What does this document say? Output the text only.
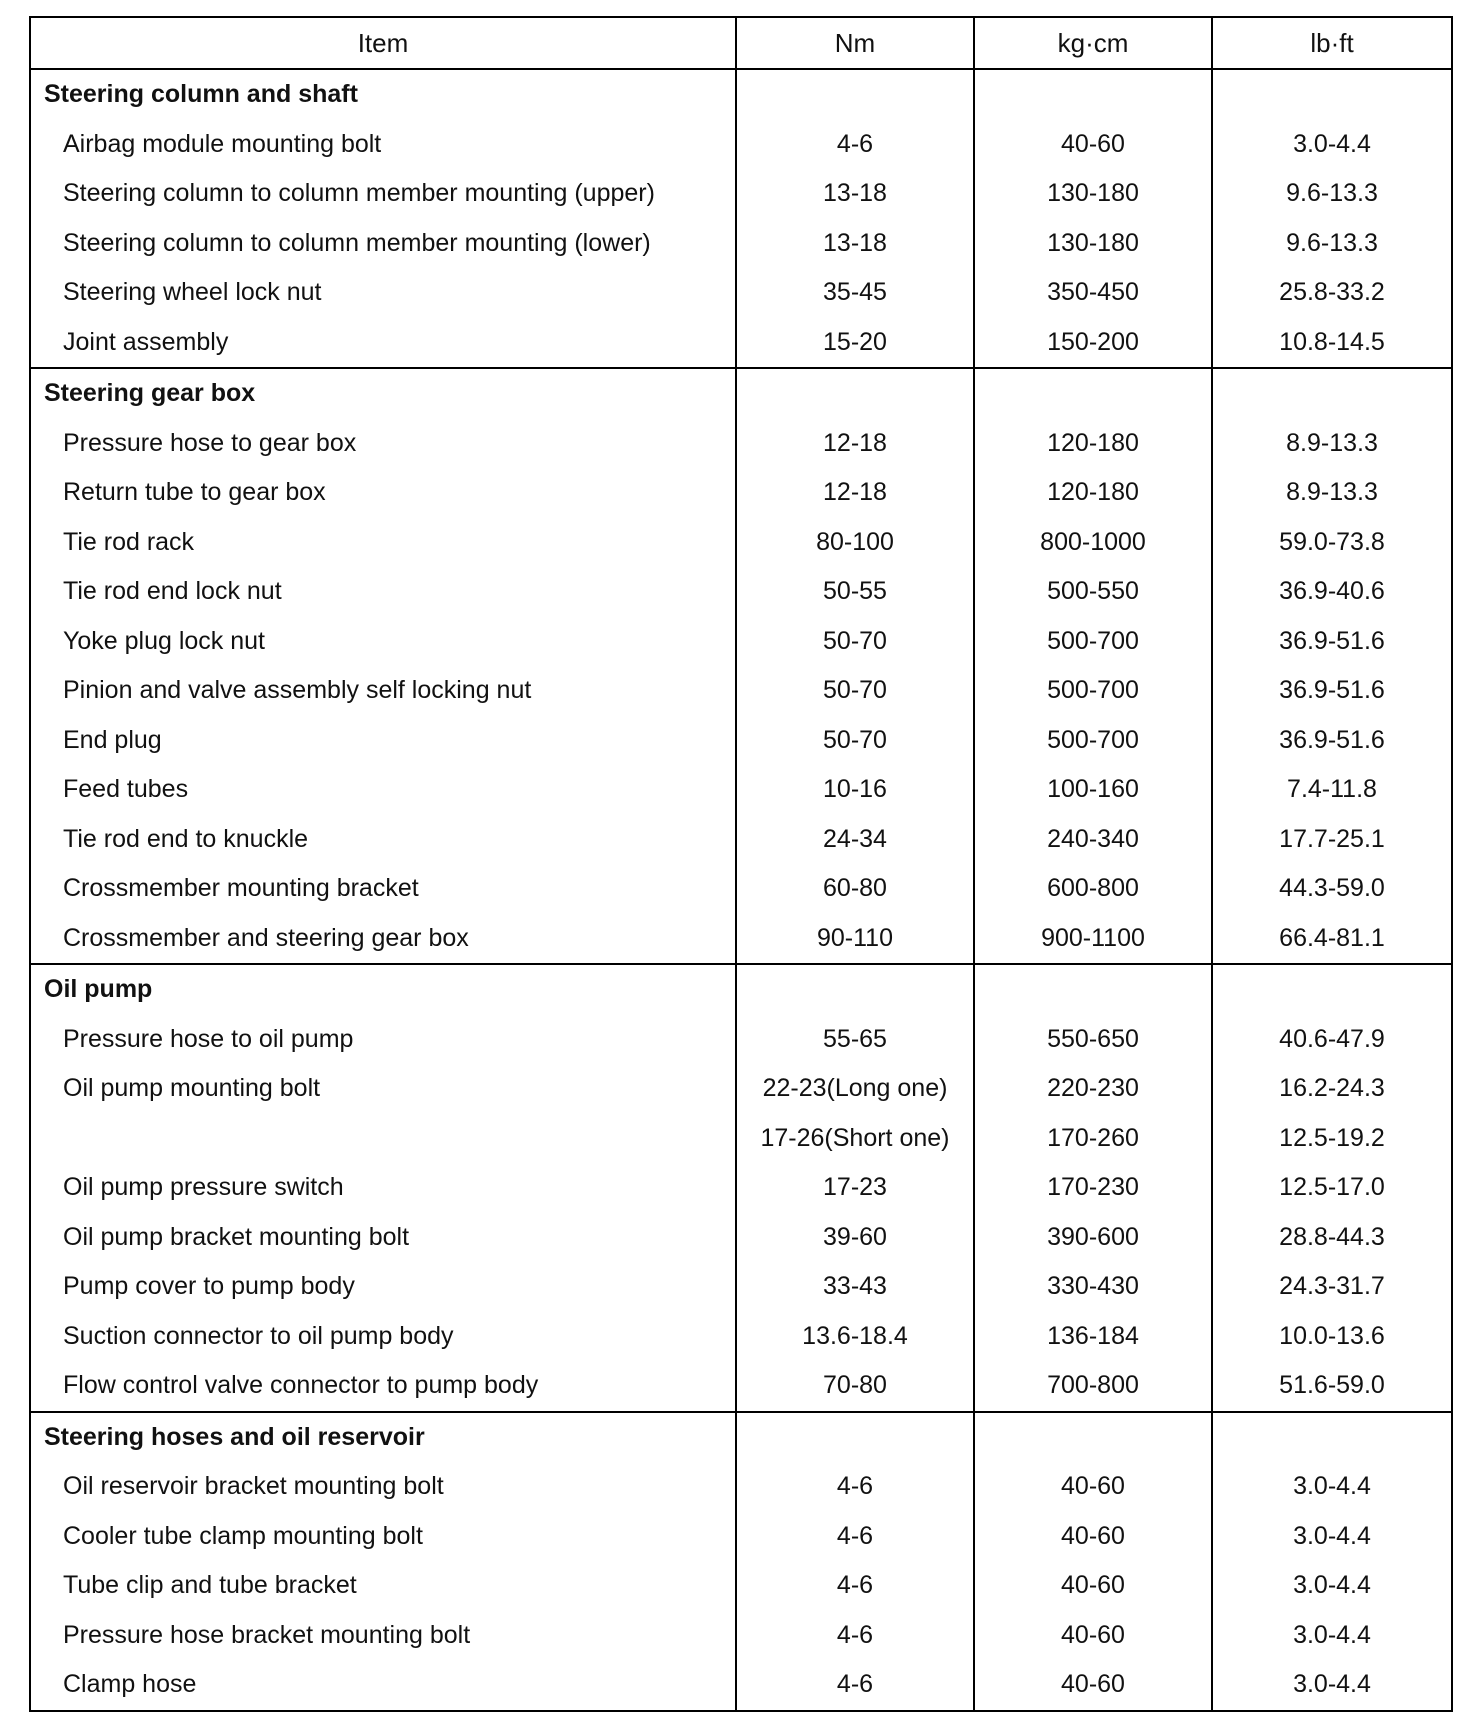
Item	Nm	kg·cm	lb·ft
Steering column and shaft			
Airbag module mounting bolt	4-6	40-60	3.0-4.4
Steering column to column member mounting (upper)	13-18	130-180	9.6-13.3
Steering column to column member mounting (lower)	13-18	130-180	9.6-13.3
Steering wheel lock nut	35-45	350-450	25.8-33.2
Joint assembly	15-20	150-200	10.8-14.5
Steering gear box			
Pressure hose to gear box	12-18	120-180	8.9-13.3
Return tube to gear box	12-18	120-180	8.9-13.3
Tie rod rack	80-100	800-1000	59.0-73.8
Tie rod end lock nut	50-55	500-550	36.9-40.6
Yoke plug lock nut	50-70	500-700	36.9-51.6
Pinion and valve assembly self locking nut	50-70	500-700	36.9-51.6
End plug	50-70	500-700	36.9-51.6
Feed tubes	10-16	100-160	7.4-11.8
Tie rod end to knuckle	24-34	240-340	17.7-25.1
Crossmember mounting bracket	60-80	600-800	44.3-59.0
Crossmember and steering gear box	90-110	900-1100	66.4-81.1
Oil pump			
Pressure hose to oil pump	55-65	550-650	40.6-47.9
Oil pump mounting bolt	22-23(Long one)	220-230	16.2-24.3
	17-26(Short one)	170-260	12.5-19.2
Oil pump pressure switch	17-23	170-230	12.5-17.0
Oil pump bracket mounting bolt	39-60	390-600	28.8-44.3
Pump cover to pump body	33-43	330-430	24.3-31.7
Suction connector to oil pump body	13.6-18.4	136-184	10.0-13.6
Flow control valve connector to pump body	70-80	700-800	51.6-59.0
Steering hoses and oil reservoir			
Oil reservoir bracket mounting bolt	4-6	40-60	3.0-4.4
Cooler tube clamp mounting bolt	4-6	40-60	3.0-4.4
Tube clip and tube bracket	4-6	40-60	3.0-4.4
Pressure hose bracket mounting bolt	4-6	40-60	3.0-4.4
Clamp hose	4-6	40-60	3.0-4.4
